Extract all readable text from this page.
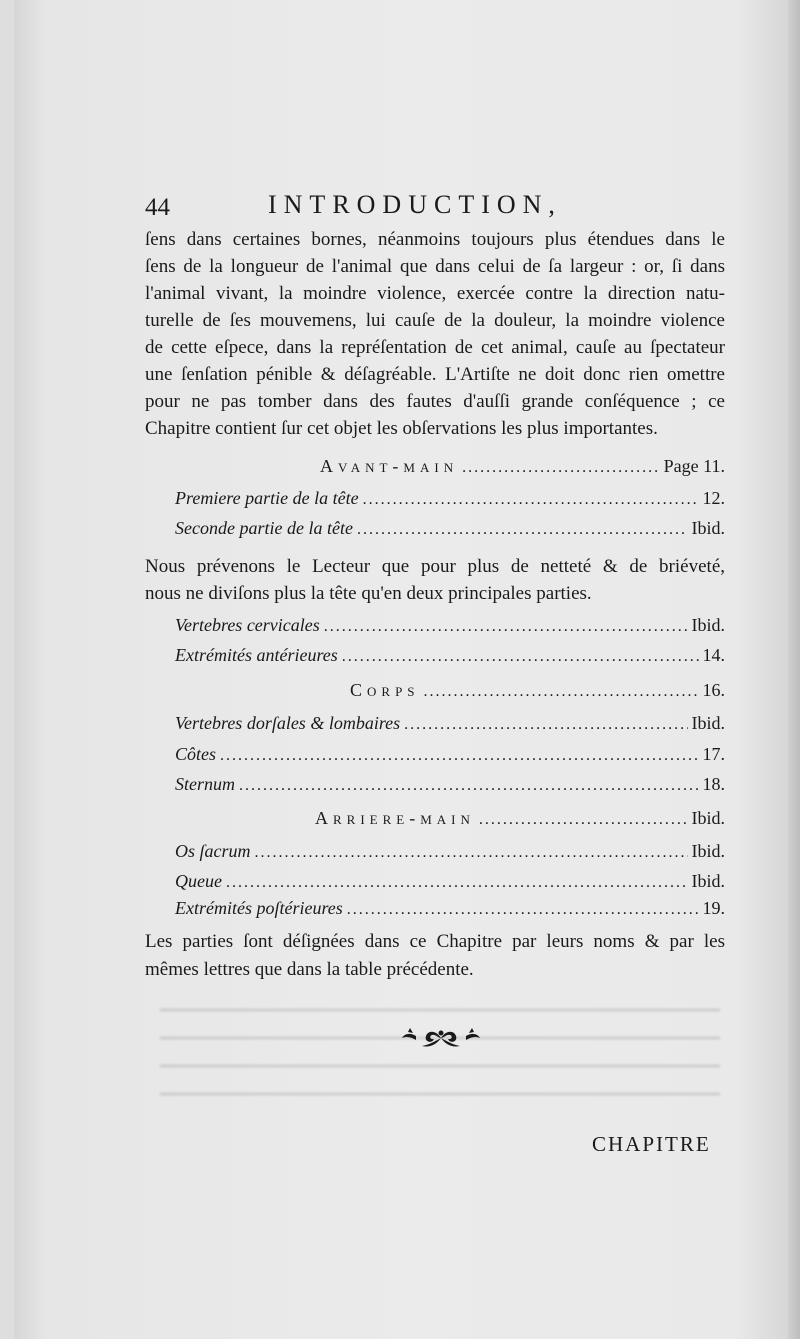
44	INTRODUCTION,
ſens dans certaines bornes, néanmoins toujours plus étendues dans le
ſens de la longueur de l'animal que dans celui de ſa largeur : or, ſi dans
l'animal vivant, la moindre violence, exercée contre la direction natu-
turelle de ſes mouvemens, lui cauſe de la douleur, la moindre violence
de cette eſpece, dans la repréſentation de cet animal, cauſe au ſpectateur
une ſenſation pénible & déſagréable. L'Artiſte ne doit donc rien omettre
pour ne pas tomber dans des fautes d'auſſi grande conſéquence ; ce
Chapitre contient ſur cet objet les obſervations les plus importantes.
Avant-main .....	Page 11.
Premiere partie de la tête .....	12.
Seconde partie de la tête .....	Ibid.
Nous prévenons le Lecteur que pour plus de netteté & de briéveté,
nous ne diviſons plus la tête qu'en deux principales parties.
Vertebres cervicales .....	Ibid.
Extrémités antérieures .....	14.
Corps .....	16.
Vertebres dorſales & lombaires .....	Ibid.
Côtes .....	17.
Sternum .....	18.
Arriere-main .....	Ibid.
Os ſacrum .....	Ibid.
Queue .....	Ibid.
Extrémités poſtérieures .....	19.
Les parties ſont déſignées dans ce Chapitre par leurs noms & par les
mêmes lettres que dans la table précédente.
CHAPITRE
